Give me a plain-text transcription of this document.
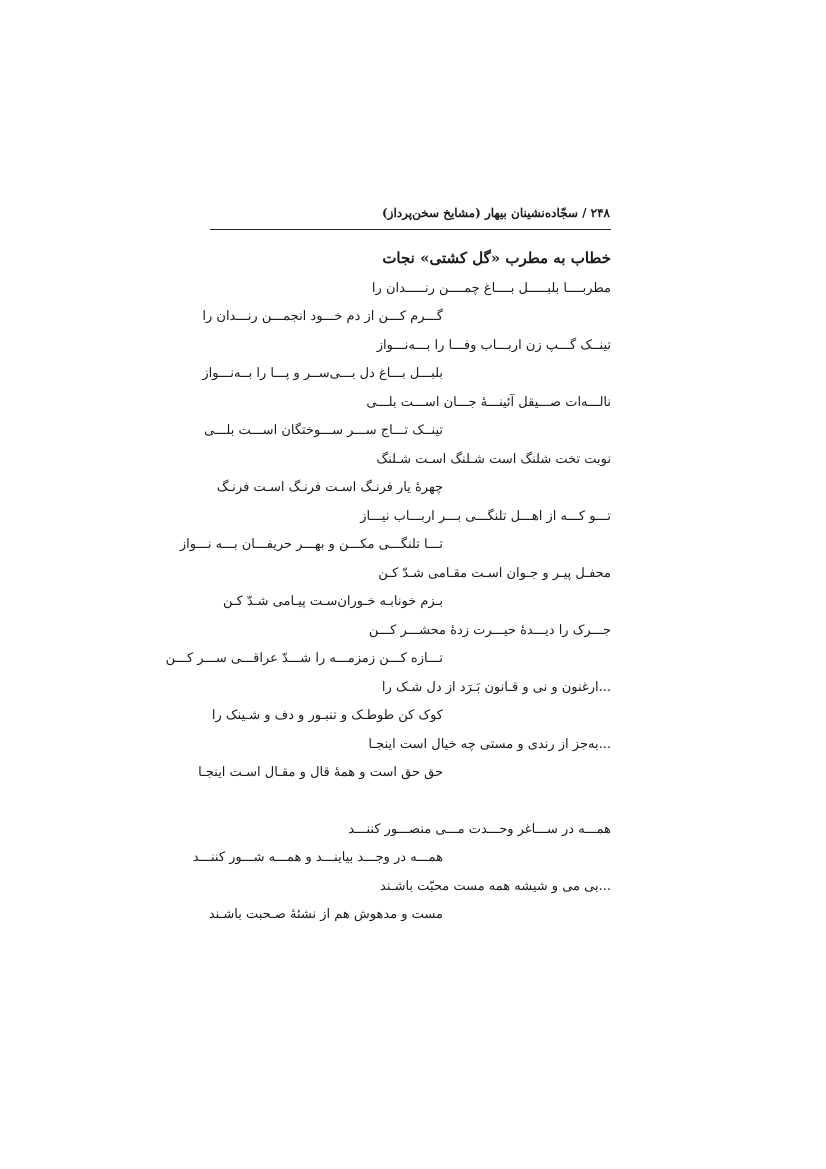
۲۴۸ / سجّاده‌نشینان بیهار (مشایخ سخن‌پرداز)
خطاب به مطرب «گل کشتی» نجات
مطربــــا بلبـــــل بــــاغ چمــــن رنـــــدان را
گـــرم کـــن از دم خـــود انجمـــن رنـــدان را
تینــک گـــپ زن اربـــاب وفـــا را بـــه‌نـــواز
بلبـــل بـــاغ دل بـــی‌ســر و پـــا را بــه‌نـــواز
نالـــه‌ات صـــیقل آئینـــهٔ جـــان اســـت بلـــی
تینــک تـــاج ســـر ســـوختگان اســـت بلـــی
نوبت تخت شلنگ است شـلنگ اسـت شـلنگ
چهرهٔ یار فرنـگ اسـت فرنـگ اسـت فرنـگ
تـــو کـــه از اهـــل تلنگـــی بـــر اربـــاب نیـــاز
تـــا تلنگـــی مکـــن و بهـــر حریفـــان بـــه نـــواز
محفـل پیـر و جـوان اسـت مقـامی شـدّ کـن
بـزم خونابـه خـوران‌سـت پیـامی شـدّ کـن
جـــرک را دیـــدهٔ حیـــرت زدهٔ محشـــر کـــن
تـــازه کـــن زمزمـــه را شـــدّ عراقـــی ســـر کـــن
...ارغنون و نی و قـانون بَـرَد از دل شـک را
کوک کن طوطـک و تنبـور و دف و شـینک را
...به‌جز از رندی و مستی چه خیال است اینجـا
حق حق است و همهٔ قال و مقـال اسـت اینجـا
همـــه در ســـاغر وحـــدت مـــی منصـــور کننـــد
همـــه در وجـــد بیاینـــد و همـــه شـــور کننـــد
...بی می و شیشه همه مست محبّت باشـند
مست و مدهوش هم از نشئهٔ صـحبت باشـند
